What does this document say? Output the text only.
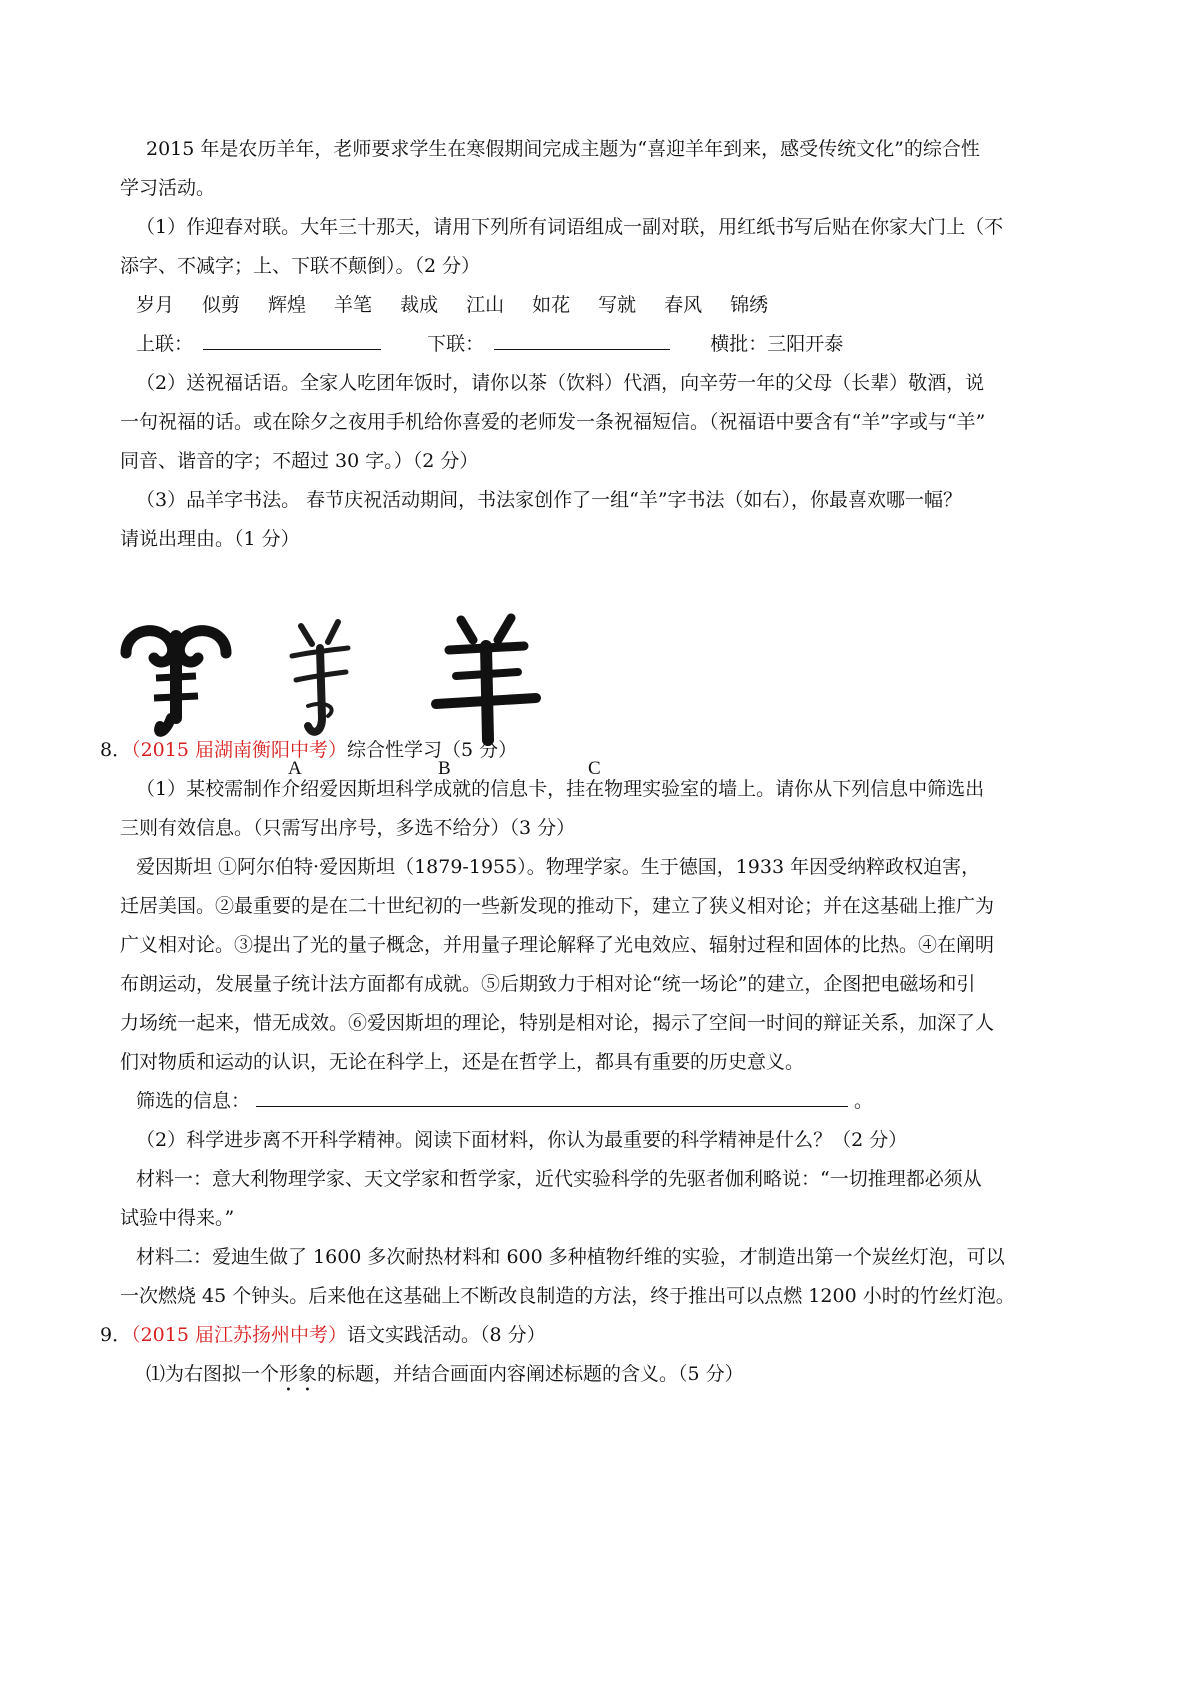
2015 年是农历羊年，老师要求学生在寒假期间完成主题为“喜迎羊年到来，感受传统文化”的综合性

学习活动。

（1）作迎春对联。大年三十那天，请用下列所有词语组成一副对联，用红纸书写后贴在你家大门上（不

添字、不减字；上、下联不颠倒）。（2 分）

岁月 似剪 辉煌 羊笔 裁成 江山 如花 写就 春风 锦绣

上联：	下联：	横批：三阳开泰

（2）送祝福话语。全家人吃团年饭时，请你以茶（饮料）代酒，向辛劳一年的父母（长辈）敬酒，说

一句祝福的话。或在除夕之夜用手机给你喜爱的老师发一条祝福短信。（祝福语中要含有“羊”字或与“羊”

同音、谐音的字；不超过 30 字。）（2 分）

（3）品羊字书法。 春节庆祝活动期间，书法家创作了一组“羊”字书法（如右），你最喜欢哪一幅？

请说出理由。（1 分）

A	B	C

8．（2015 届湖南衡阳中考）综合性学习（5 分）

（1）某校需制作介绍爱因斯坦科学成就的信息卡，挂在物理实验室的墙上。请你从下列信息中筛选出

三则有效信息。（只需写出序号，多选不给分）（3 分）

爱因斯坦 ①阿尔伯特·爱因斯坦（1879-1955）。物理学家。生于德国，1933 年因受纳粹政权迫害，

迁居美国。②最重要的是在二十世纪初的一些新发现的推动下，建立了狭义相对论；并在这基础上推广为

广义相对论。③提出了光的量子概念，并用量子理论解释了光电效应、辐射过程和固体的比热。④在阐明

布朗运动，发展量子统计法方面都有成就。⑤后期致力于相对论“统一场论”的建立，企图把电磁场和引

力场统一起来，惜无成效。⑥爱因斯坦的理论，特别是相对论，揭示了空间一时间的辩证关系，加深了人

们对物质和运动的认识，无论在科学上，还是在哲学上，都具有重要的历史意义。

筛选的信息：	。

（2）科学进步离不开科学精神。阅读下面材料，你认为最重要的科学精神是什么？（2 分）

材料一：意大利物理学家、天文学家和哲学家，近代实验科学的先驱者伽利略说：“一切推理都必须从

试验中得来。”

材料二：爱迪生做了 1600 多次耐热材料和 600 多种植物纤维的实验，才制造出第一个炭丝灯泡，可以

一次燃烧 45 个钟头。后来他在这基础上不断改良制造的方法，终于推出可以点燃 1200 小时的竹丝灯泡。

9．（2015 届江苏扬州中考）语文实践活动。（8 分）

⑴为右图拟一个形象的标题，并结合画面内容阐述标题的含义。（5 分）
